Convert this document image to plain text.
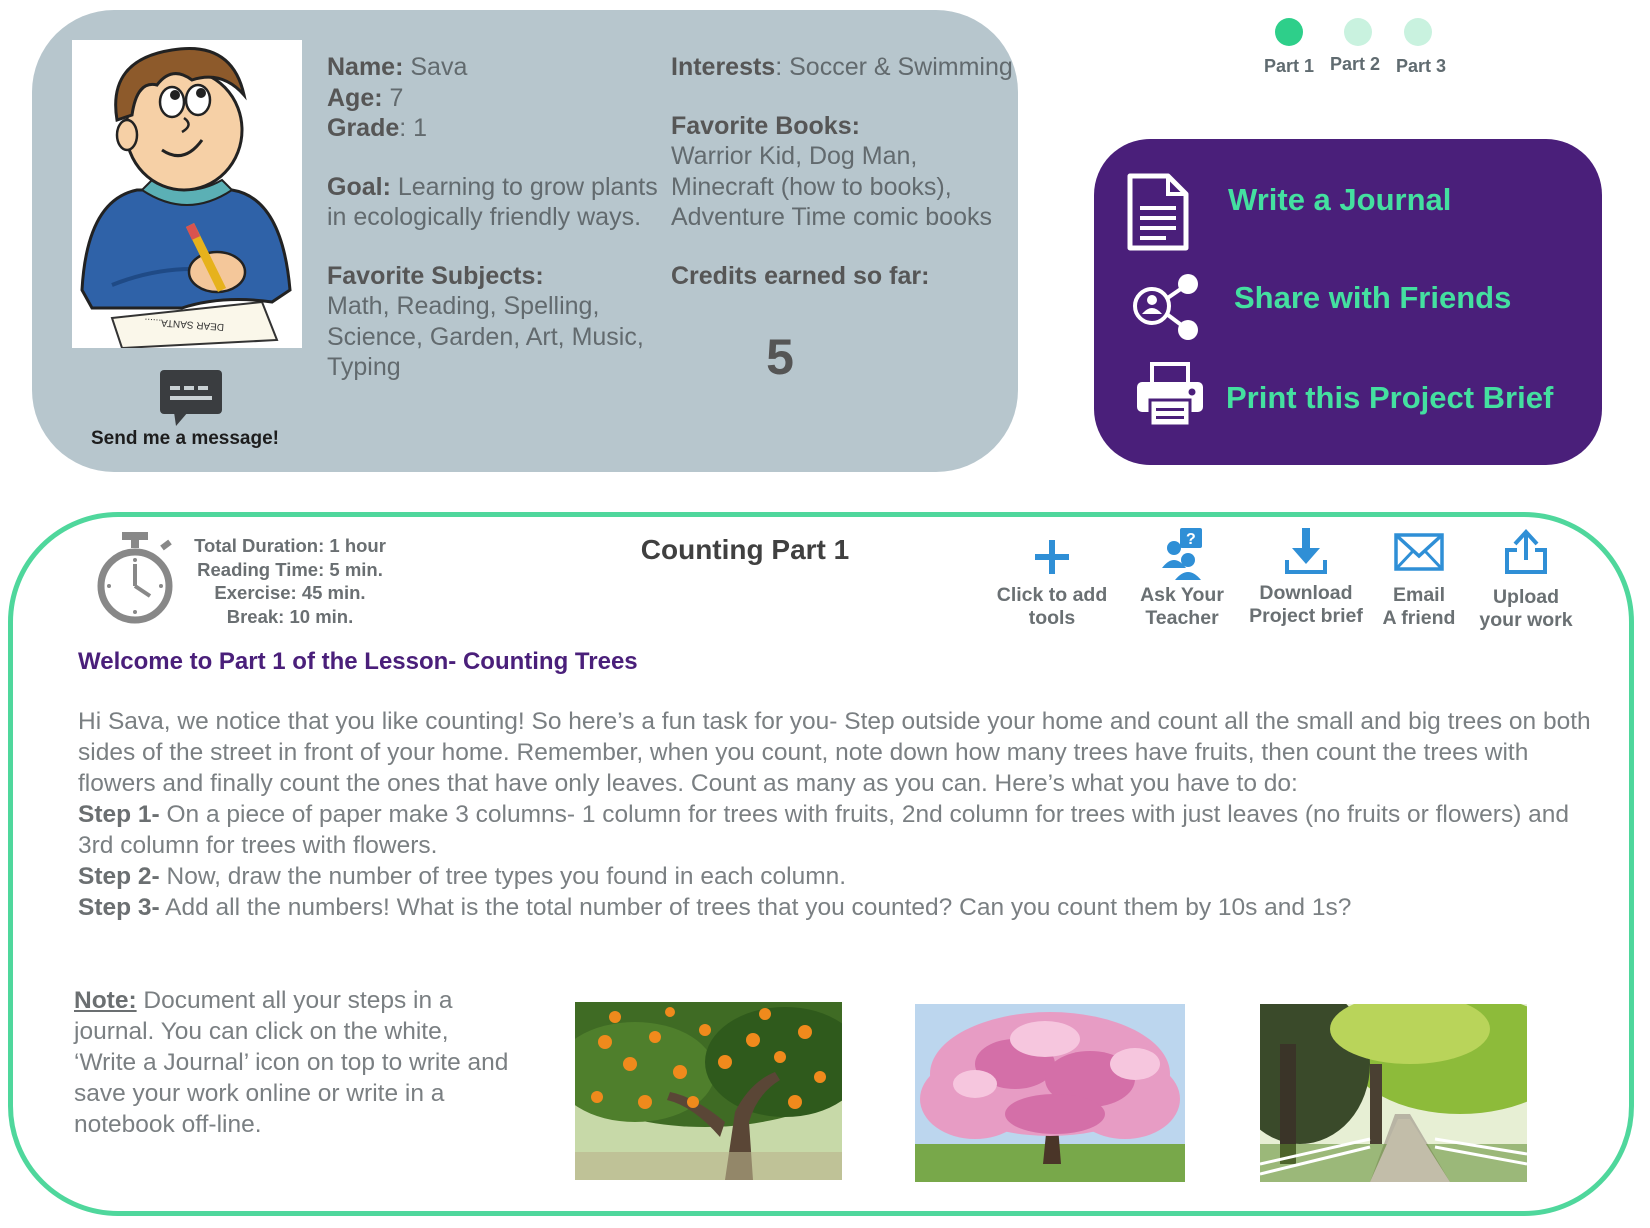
DEAR SANTA......
Send me a message!
Name: Sava
Age: 7
Grade: 1
Goal: Learning to grow plants in ecologically friendly ways.
Favorite Subjects:
Math, Reading, Spelling, Science, Garden, Art, Music, Typing
Interests: Soccer & Swimming
Favorite Books:
Warrior Kid, Dog Man, Minecraft (how to books), Adventure Time comic books
Credits earned so far:
5
Part 1 Part 2 Part 3
Write a Journal
Share with Friends
Print this Project Brief
Total Duration: 1 hour
Reading Time: 5 min.
Exercise: 45 min.
Break: 10 min.
Counting Part 1
Click to add
tools
?
Ask Your
Teacher
Download
Project brief
Email
A friend
Upload
your work
Welcome to Part 1 of the Lesson- Counting Trees
Hi Sava, we notice that you like counting! So here’s a fun task for you- Step outside your home and count all the small and big trees on both sides of the street in front of your home. Remember, when you count, note down how many trees have fruits, then count the trees with flowers and finally count the ones that have only leaves. Count as many as you can. Here’s what you have to do:
Step 1- On a piece of paper make 3 columns- 1 column for trees with fruits, 2nd column for trees with just leaves (no fruits or flowers) and 3rd column for trees with flowers.
Step 2- Now, draw the number of tree types you found in each column.
Step 3- Add all the numbers! What is the total number of trees that you counted? Can you count them by 10s and 1s?
Note: Document all your steps in a journal. You can click on the white, ‘Write a Journal’ icon on top to write and save your work online or write in a notebook off-line.
